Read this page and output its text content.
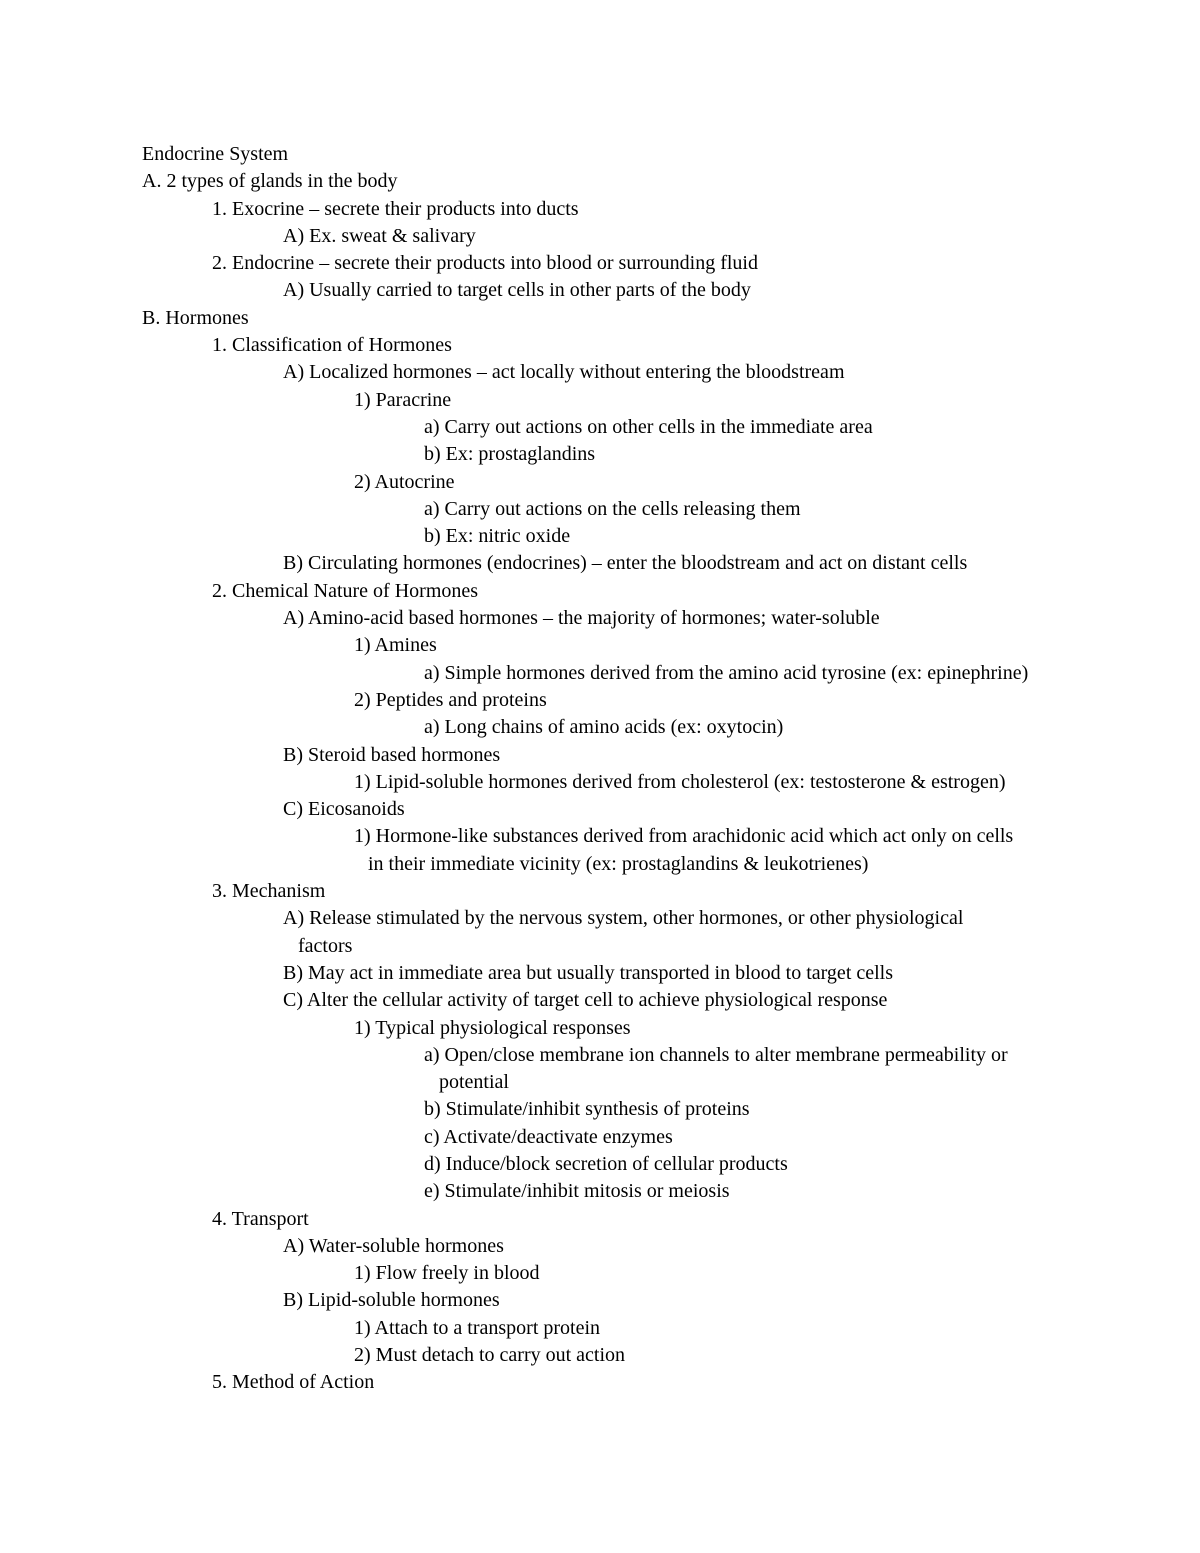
Endocrine System
A. 2 types of glands in the body
1. Exocrine – secrete their products into ducts
A) Ex. sweat & salivary
2. Endocrine – secrete their products into blood or surrounding fluid
A) Usually carried to target cells in other parts of the body
B. Hormones
1. Classification of Hormones
A) Localized hormones – act locally without entering the bloodstream
1) Paracrine
a) Carry out actions on other cells in the immediate area
b) Ex: prostaglandins
2) Autocrine
a) Carry out actions on the cells releasing them
b) Ex: nitric oxide
B) Circulating hormones (endocrines) – enter the bloodstream and act on distant cells
2. Chemical Nature of Hormones
A) Amino-acid based hormones – the majority of hormones; water-soluble
1) Amines
a) Simple hormones derived from the amino acid tyrosine (ex: epinephrine)
2) Peptides and proteins
a) Long chains of amino acids (ex: oxytocin)
B) Steroid based hormones
1) Lipid-soluble hormones derived from cholesterol (ex: testosterone & estrogen)
C) Eicosanoids
1) Hormone-like substances derived from arachidonic acid which act only on cells
in their immediate vicinity (ex: prostaglandins & leukotrienes)
3. Mechanism
A) Release stimulated by the nervous system, other hormones, or other physiological
factors
B) May act in immediate area but usually transported in blood to target cells
C) Alter the cellular activity of target cell to achieve physiological response
1) Typical physiological responses
a) Open/close membrane ion channels to alter membrane permeability or
potential
b) Stimulate/inhibit synthesis of proteins
c) Activate/deactivate enzymes
d) Induce/block secretion of cellular products
e) Stimulate/inhibit mitosis or meiosis
4. Transport
A) Water-soluble hormones
1) Flow freely in blood
B) Lipid-soluble hormones
1) Attach to a transport protein
2) Must detach to carry out action
5. Method of Action
